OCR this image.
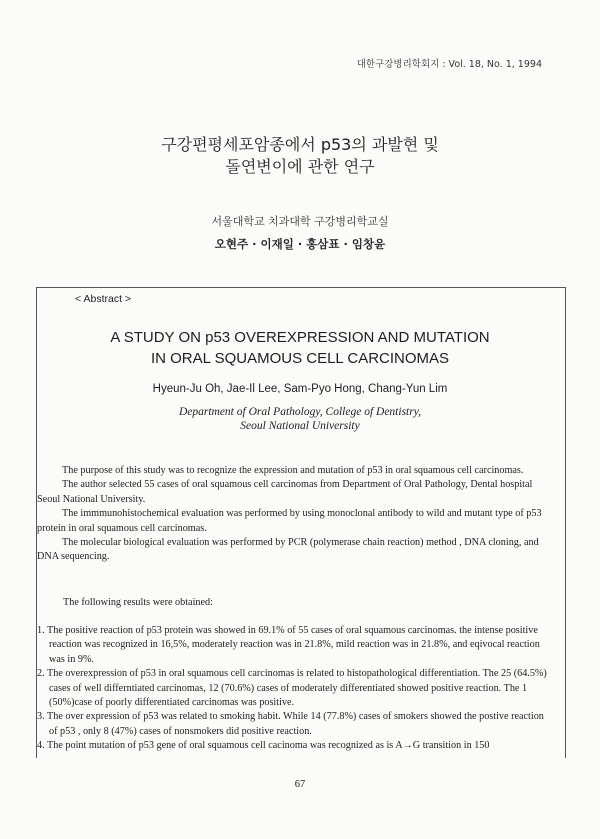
대한구강병리학회지 : Vol. 18, No. 1, 1994
구강편평세포암종에서 p53의 과발현 및
돌연변이에 관한 연구
서울대학교 치과대학 구강병리학교실
오현주 · 이재일 · 홍삼표 · 임창윤
< Abstract >
A STUDY ON p53 OVEREXPRESSION AND MUTATION
IN ORAL SQUAMOUS CELL CARCINOMAS
Hyeun-Ju Oh, Jae-Il Lee, Sam-Pyo Hong, Chang-Yun Lim
Department of Oral Pathology, College of Dentistry,
Seoul National University

The purpose of this study was to recognize the expression and mutation of p53 in oral squamous cell carcinomas.

The author selected 55 cases of oral squamous cell carcinomas from Department of Oral Pathology, Dental hospital Seoul National University.

The immmunohistochemical evaluation was performed by using monoclonal antibody to wild and mutant type of p53 protein in oral squamous cell carcinomas.

The molecular biological evaluation was performed by PCR (polymerase chain reaction) method , DNA cloning, and DNA sequencing.

The following results were obtained:
1. The positive reaction of p53 protein was showed in 69.1% of 55 cases of oral squamous carcinomas. the intense positive reaction was recognized in 16,5%, moderately reaction was in 21.8%, mild reaction was in 21.8%, and eqivocal reaction was in 9%.
2. The overexpression of p53 in oral squamous cell carcinomas is related to histopathological differentiation. The 25 (64.5%) cases of well differntiated carcinomas, 12 (70.6%) cases of moderately differentiated showed positive reaction. The 1 (50%)case of poorly differentiated carcinomas was positive.
3. The over expression of p53 was related to smoking habit. While 14 (77.8%) cases of smokers showed the postive reaction of p53 , only 8 (47%) cases of nonsmokers did positive reaction.
4. The point mutation of p53 gene of oral squamous cell cacinoma was recognized as is A→G transition in 150
67
